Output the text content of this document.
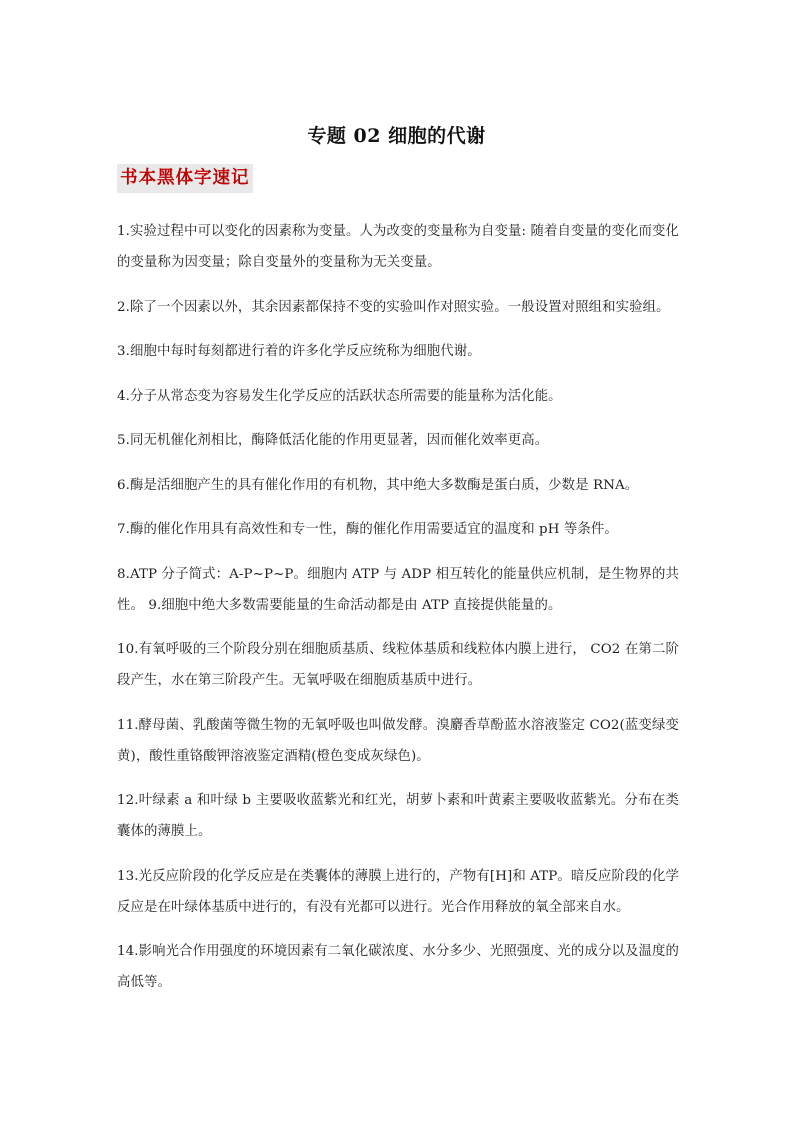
专题 02 细胞的代谢
书本黑体字速记

1.实验过程中可以变化的因素称为变量。人为改变的变量称为自变量: 随着自变量的变化而变化的变量称为因变量；除自变量外的变量称为无关变量。

2.除了一个因素以外，其余因素都保持不变的实验叫作对照实验。一般设置对照组和实验组。

3.细胞中每时每刻都进行着的许多化学反应统称为细胞代谢。

4.分子从常态变为容易发生化学反应的活跃状态所需要的能量称为活化能。

5.同无机催化剂相比，酶降低活化能的作用更显著，因而催化效率更高。

6.酶是活细胞产生的具有催化作用的有机物，其中绝大多数酶是蛋白质，少数是 RNA。

7.酶的催化作用具有高效性和专一性，酶的催化作用需要适宜的温度和 pH 等条件。

8.ATP 分子简式：A-P~P~P。细胞内 ATP 与 ADP 相互转化的能量供应机制，是生物界的共性。 9.细胞中绝大多数需要能量的生命活动都是由 ATP 直接提供能量的。

10.有氧呼吸的三个阶段分别在细胞质基质、线粒体基质和线粒体内膜上进行， CO2 在第二阶段产生，水在第三阶段产生。无氧呼吸在细胞质基质中进行。

11.酵母菌、乳酸菌等微生物的无氧呼吸也叫做发酵。溴麝香草酚蓝水溶液鉴定 CO2(蓝变绿变黄)，酸性重铬酸钾溶液鉴定酒精(橙色变成灰绿色)。

12.叶绿素 a 和叶绿 b 主要吸收蓝紫光和红光，胡萝卜素和叶黄素主要吸收蓝紫光。分布在类囊体的薄膜上。

13.光反应阶段的化学反应是在类囊体的薄膜上进行的，产物有[H]和 ATP。暗反应阶段的化学反应是在叶绿体基质中进行的，有没有光都可以进行。光合作用释放的氧全部来自水。

14.影响光合作用强度的环境因素有二氧化碳浓度、水分多少、光照强度、光的成分以及温度的高低等。
